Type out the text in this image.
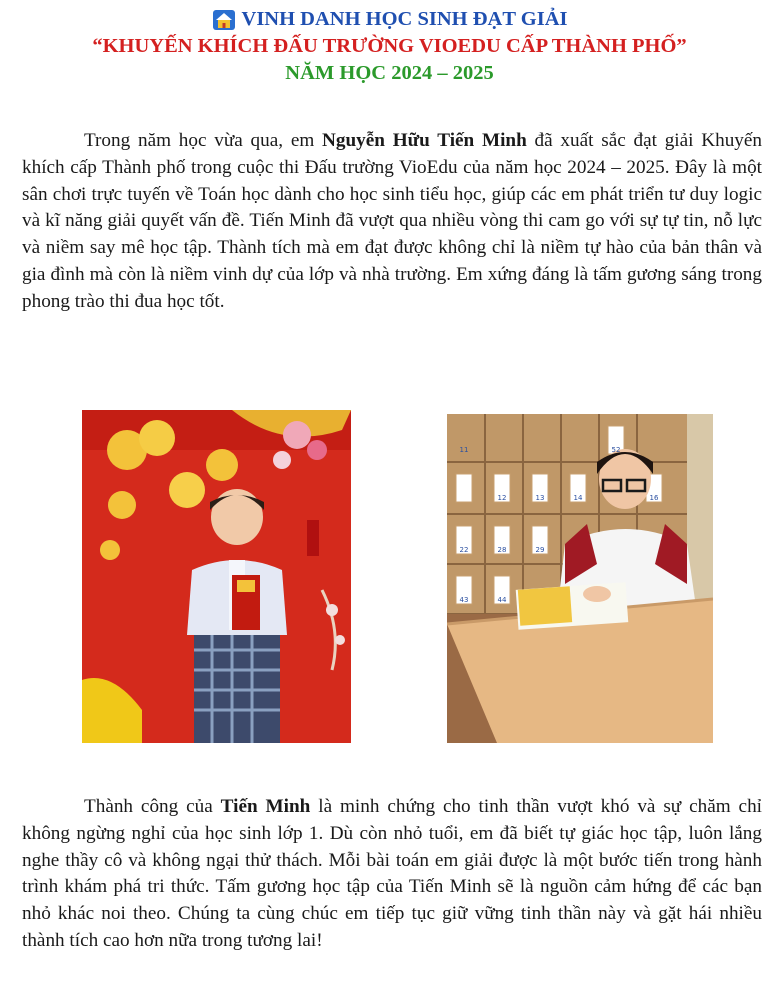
VINH DANH HỌC SINH ĐẠT GIẢI
“KHUYẾN KHÍCH ĐẤU TRƯỜNG VIOEDU CẤP THÀNH PHỐ”
NĂM HỌC 2024 – 2025

Trong năm học vừa qua, em Nguyễn Hữu Tiến Minh đã xuất sắc đạt giải Khuyến khích cấp Thành phố trong cuộc thi Đấu trường VioEdu của năm học 2024 – 2025. Đây là một sân chơi trực tuyến về Toán học dành cho học sinh tiểu học, giúp các em phát triển tư duy logic và kĩ năng giải quyết vấn đề. Tiến Minh đã vượt qua nhiều vòng thi cam go với sự tự tin, nỗ lực và niềm say mê học tập. Thành tích mà em đạt được không chỉ là niềm tự hào của bản thân và gia đình mà còn là niềm vinh dự của lớp và nhà trường. Em xứng đáng là tấm gương sáng trong phong trào thi đua học tốt.

52
11
12	13	14	16
22	28	29
43	44

Thành công của Tiến Minh là minh chứng cho tinh thần vượt khó và sự chăm chỉ không ngừng nghỉ của học sinh lớp 1. Dù còn nhỏ tuổi, em đã biết tự giác học tập, luôn lắng nghe thầy cô và không ngại thử thách. Mỗi bài toán em giải được là một bước tiến trong hành trình khám phá tri thức. Tấm gương học tập của Tiến Minh sẽ là nguồn cảm hứng để các bạn nhỏ khác noi theo. Chúng ta cùng chúc em tiếp tục giữ vững tinh thần này và gặt hái nhiều thành tích cao hơn nữa trong tương lai!
